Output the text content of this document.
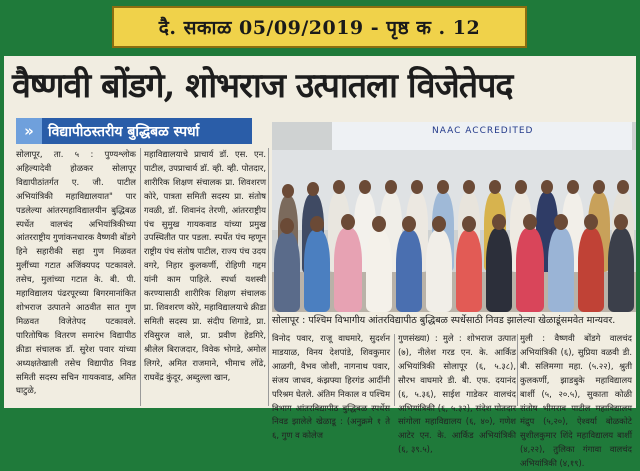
दै. सकाळ 05/09/2019 - पृष्ठ क . 12
वैष्णवी बोंडगे, शोभराज उत्पातला विजेतेपद
»	विद्यापीठस्तरीय बुद्धिबळ स्पर्धा
सोलापूर, ता. ५ : पुण्यश्लोक अहिल्यादेवी होळकर सोलापूर विद्यापीठांतर्गत ए. जी. पाटील अभियांत्रिकी महाविद्यालयात" पार पडलेल्या आंतरमहाविद्यालयीन बुद्धिबळ स्पर्धेत वालचंद अभियांत्रिकीच्या आंतरराष्ट्रीय गुणांकनधारक वैष्णवी बोंडगे हिने सहारीकी सहा गुण मिळवत मुलींच्या गटात अजिंक्यपद पटकावले. तसेच, मुलांच्या गटात के. बी. पी. महाविद्यालय पंढरपूरच्या बिगरमानांकित शोभराज उत्पातने आठवीत सात गुण मिळवत विजेतेपद पटकावले. पारितोषिक वितरण समारंभ विद्यापीठ क्रीडा संचालक डॉ. सुरेश पवार यांच्या अध्यक्षतेखाली तसेच विद्यापीठ निवड समिती सदस्य सचिन गायकवाड, अमित घाटुळे,
महाविद्यालयाचे प्राचार्य डॉ. एस. एन. पाटील, उपप्राचार्य डॉ. व्ही. व्ही. पोतदार, शारीरिक शिक्षण संचालक प्रा. शिवशरण कोरे, पात्रता समिती सदस्य प्रा. संतोष गवळी, डॉ. शिवानंद तेरणी, आंतरराष्ट्रीय पंच सुमुख गायकवाड यांच्या प्रमुख उपस्थितीत पार पडला. स्पर्धेत पंच म्हणून राष्ट्रीय पंच संतोष पाटील, राज्य पंच उदय वगरे, निहार कुलकर्णी, रोहिणी गद्दम यांनी काम पाहिले. स्पर्धा यशस्वी करण्यासाठी शारीरिक शिक्षण संचालक प्रा. शिवशरण कोरे, महाविद्यालयाचे क्रीडा समिती सदस्य प्रा. संदीप शिगाडे, प्रा. रविसुरज वाले, प्रा. प्रवीण हेडगिरे, श्रीलेल बिराजदार, विवेक भोगडे, अमोल लिगरे, अमित राजमाने, भीमाच लोंढे, राघवेंद्र कुंदूर, अब्दुल्ला खान,
NAAC ACCREDITED
सोलापूर : पश्चिम विभागीय आंतरविद्यापीठ बुद्धिबळ स्पर्धेसाठी निवड झालेल्या खेळाडूंसमवेत मान्यवर.
विनोद पवार, राजू वाघमारे, सुदर्शन माडयाळ, विनय देशपांडे, शिवकुमार आळगी, वैभव जोशी, नागनाथ पवार, संजय जाधव, कंझफ्या हिरगंड आदींनी परिश्रम घेतले. अंतिम निकाल व पश्चिम विभाग आंतरविद्यापीठ बुद्धिबळ स्पर्धेस निवड झालेले खेळाडू : (अनुक्रमे १ ते ६, गुण व कोलेज
गुणसंख्या) : मुले : शोभराज उत्पात (७), नीलेश गरड एन. के. आर्किड अभियांत्रिकी सोलापूर (६, ५.३८), सौरभ वाघमारे डी. बी. एफ. दयानंद (६, ५.३६), साईश गाडेकर वालचंद अभियांत्रिकी (६, ५.३२), संदेश पोतदार सांगोला महाविद्यालय (६, ४०), गणेश आटेर एन. के. आर्किड अभियांत्रिकी (६, ३९.५),
मुली : वैष्णवी बोंडगे वालचंद अभियांत्रिकी (६), सुप्रिया वळवी डी. बी. सलिमग्गा महा. (५.२२), श्रुती कुलकर्णी, झाडबुके महाविद्यालय बार्शी (५, २०.५), सुकाता कोळी संतोष भीमराव पाटील महाविद्यालय मंद्रुप (५,२०), ऐश्वर्या बोळकोटे सुशीलकुमार शिंदे महाविद्यालय बार्शी (४,२२), तुलिका गंगावा वालचंद अभियांत्रिकी (४,१९).
